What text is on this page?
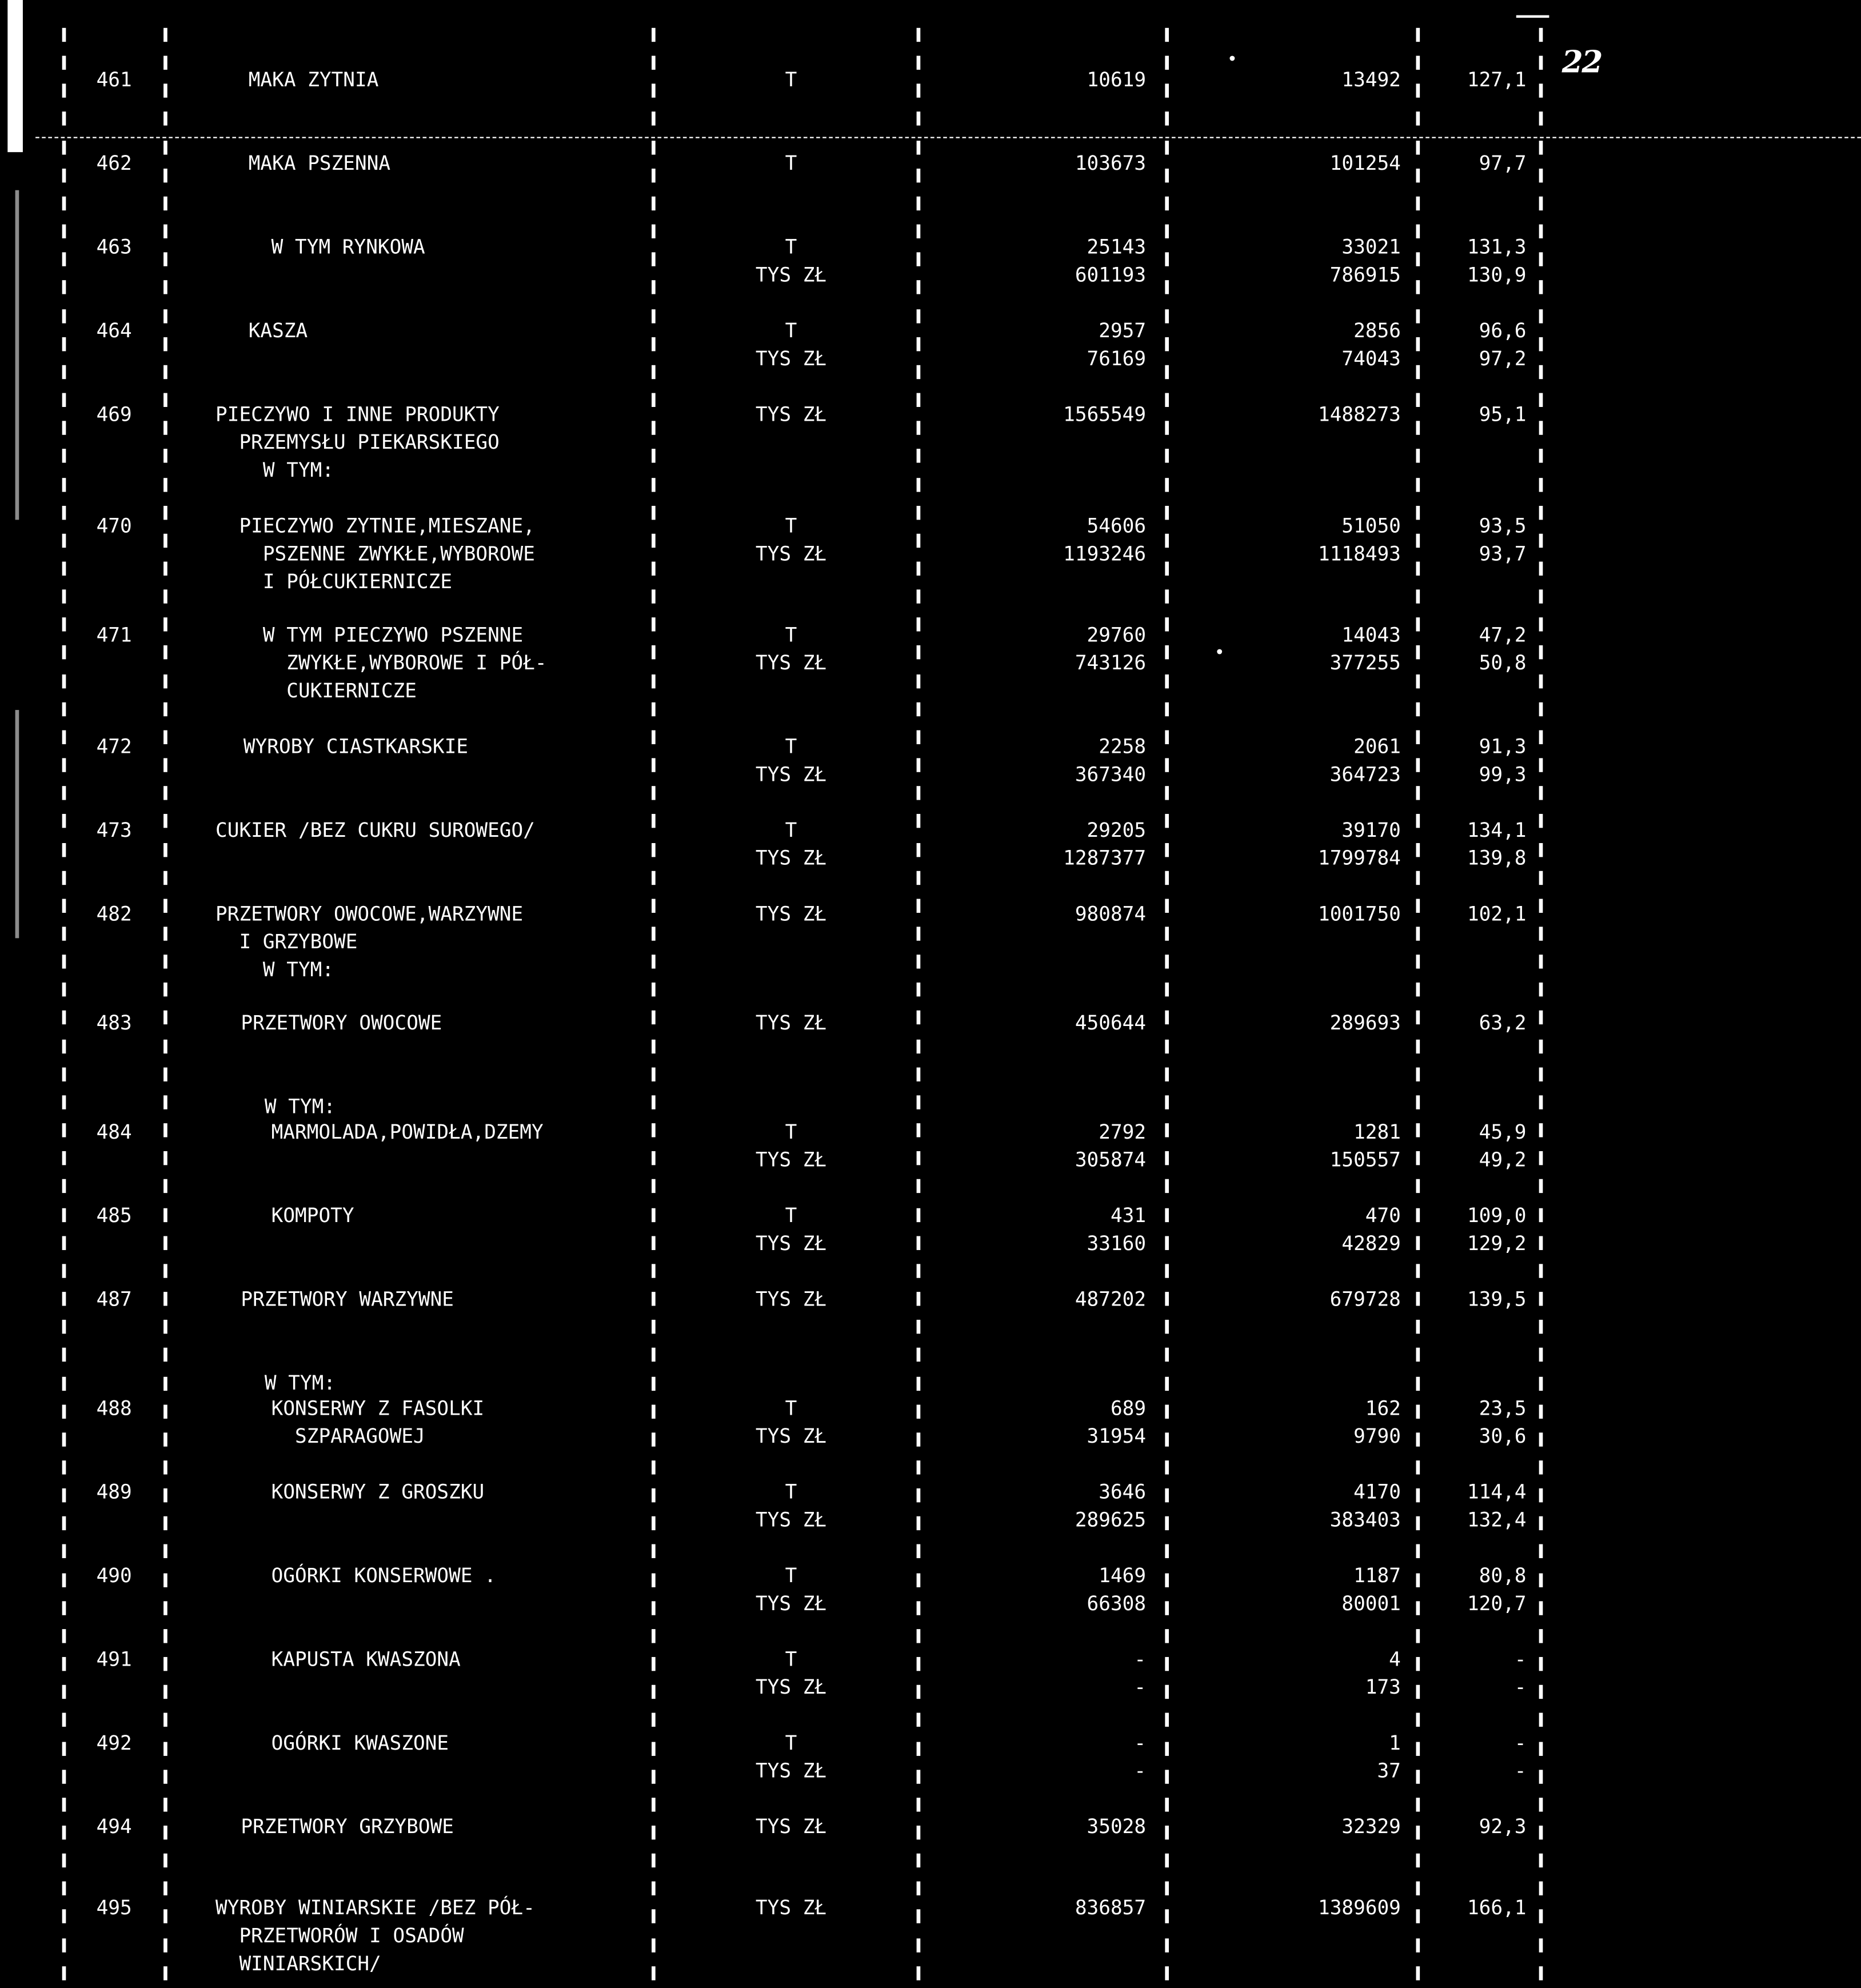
22
461	MAKA ZYTNIA	T	10619	13492	127,1
462	MAKA PSZENNA	T	103673	101254	97,7
463	W TYM RYNKOWA	T	25143	33021	131,3
TYS ZŁ	601193	786915	130,9
464	KASZA	T	2957	2856	96,6
TYS ZŁ	76169	74043	97,2
469	PIECZYWO I INNE PRODUKTY	TYS ZŁ	1565549	1488273	95,1
PRZEMYSŁU PIEKARSKIEGO
W TYM:
470	PIECZYWO ZYTNIE,MIESZANE,	T	54606	51050	93,5
PSZENNE ZWYKŁE,WYBOROWE	TYS ZŁ	1193246	1118493	93,7
I PÓŁCUKIERNICZE
471	W TYM PIECZYWO PSZENNE	T	29760	14043	47,2
ZWYKŁE,WYBOROWE I PÓŁ-	TYS ZŁ	743126	377255	50,8
CUKIERNICZE
472	WYROBY CIASTKARSKIE	T	2258	2061	91,3
TYS ZŁ	367340	364723	99,3
473	CUKIER /BEZ CUKRU SUROWEGO/	T	29205	39170	134,1
TYS ZŁ	1287377	1799784	139,8
482	PRZETWORY OWOCOWE,WARZYWNE	TYS ZŁ	980874	1001750	102,1
I GRZYBOWE
W TYM:
483	PRZETWORY OWOCOWE	TYS ZŁ	450644	289693	63,2
W TYM:
484	MARMOLADA,POWIDŁA,DZEMY	T	2792	1281	45,9
TYS ZŁ	305874	150557	49,2
485	KOMPOTY	T	431	470	109,0
TYS ZŁ	33160	42829	129,2
487	PRZETWORY WARZYWNE	TYS ZŁ	487202	679728	139,5
W TYM:
488	KONSERWY Z FASOLKI	T	689	162	23,5
SZPARAGOWEJ	TYS ZŁ	31954	9790	30,6
489	KONSERWY Z GROSZKU	T	3646	4170	114,4
TYS ZŁ	289625	383403	132,4
490	OGÓRKI KONSERWOWE .	T	1469	1187	80,8
TYS ZŁ	66308	80001	120,7
491	KAPUSTA KWASZONA	T	-	4	-
TYS ZŁ	-	173	-
492	OGÓRKI KWASZONE	T	-	1	-
TYS ZŁ	-	37	-
494	PRZETWORY GRZYBOWE	TYS ZŁ	35028	32329	92,3
495	WYROBY WINIARSKIE /BEZ PÓŁ-	TYS ZŁ	836857	1389609	166,1
PRZETWORÓW I OSADÓW
WINIARSKICH/
